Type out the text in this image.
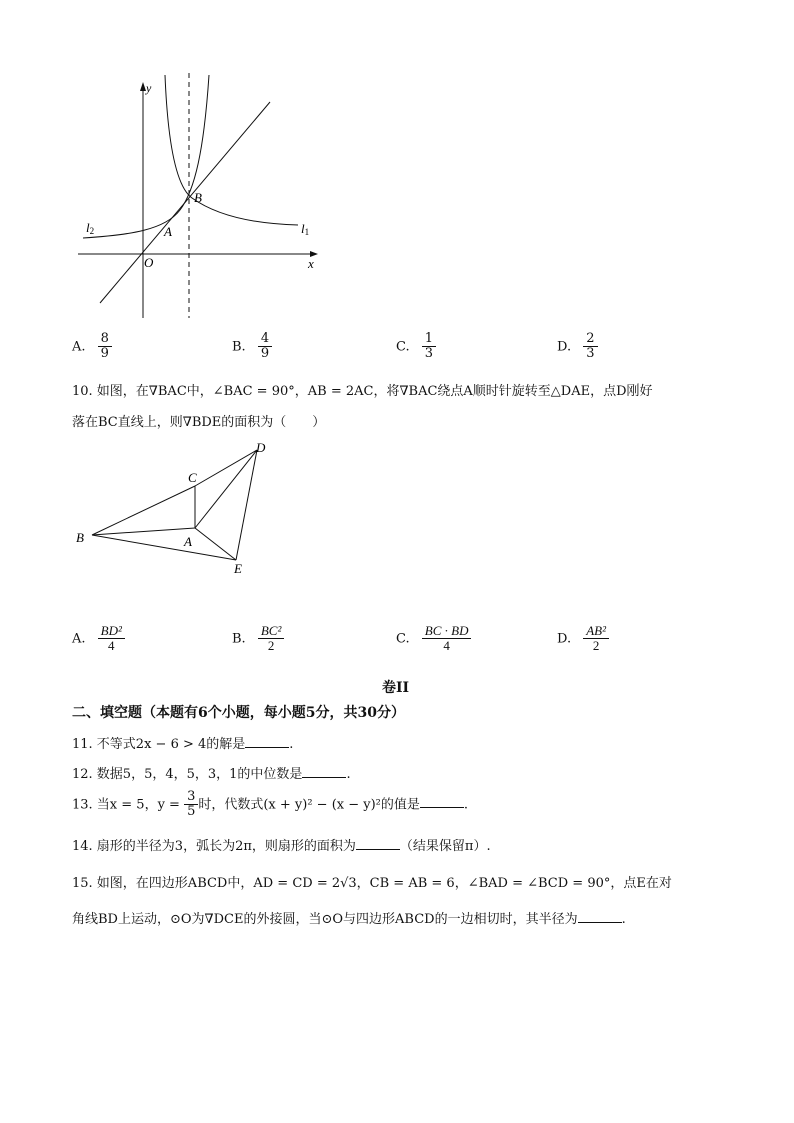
y
x
O
A
B
l1
l2
A. $\frac{8}{9}$	B. $\frac{4}{9}$	C. $\frac{1}{3}$	D. $\frac{2}{3}$
10. 如图，在∇BAC中，∠BAC = 90°，AB = 2AC，将∇BAC绕点A顺时针旋转至△DAE，点D刚好
落在BC直线上，则∇BDE的面积为（　　）
B
C
A
D
E
A. $\frac{\text{BD²}}{4}$	B. $\frac{\text{BC²}}{2}$	C. $\frac{BC \cdot BD}{4}$	D. $\frac{\text{AB²}}{2}$
卷II
二、填空题（本题有6个小题，每小题5分，共30分）
11. 不等式2x − 6 > 4的解是	.
12. 数据5，5，4，5，3，1的中位数是	.
13. 当x = 5，$y = \frac{3}{5}$ 时，代数式(x + y)² − (x − y)²的值是	.
14. 扇形的半径为3，弧长为2π，则扇形的面积为	（结果保留π）.
15. 如图，在四边形ABCD中，AD = CD = 2√3，CB = AB = 6，∠BAD = ∠BCD = 90°，点E在对
角线BD上运动，⊙O为∇DCE的外接圆，当⊙O与四边形ABCD的一边相切时，其半径为	.
